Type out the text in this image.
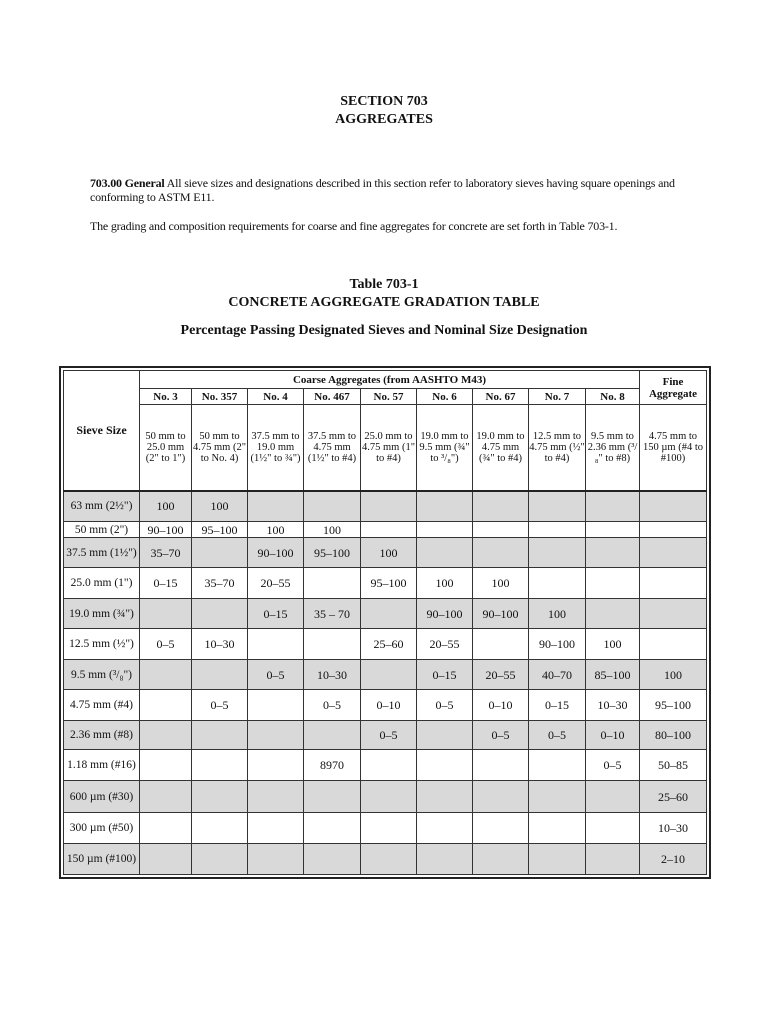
SECTION 703
AGGREGATES
703.00 General All sieve sizes and designations described in this section refer to laboratory sieves having square openings and conforming to ASTM E11.
The grading and composition requirements for coarse and fine aggregates for concrete are set forth in Table 703-1.
Table 703-1
CONCRETE AGGREGATE GRADATION TABLE
Percentage Passing Designated Sieves and Nominal Size Designation
Sieve Size	Coarse Aggregates (from AASHTO M43)									Fine Aggregate
	No. 3	No. 357	No. 4	No. 467	No. 57	No. 6	No. 67	No. 7	No. 8	
	50 mm to 25.0 mm (2" to 1")	50 mm to 4.75 mm (2" to No. 4)	37.5 mm to 19.0 mm (1½" to ¾")	37.5 mm to 4.75 mm (1½" to #4)	25.0 mm to 4.75 mm (1" to #4)	19.0 mm to 9.5 mm (¾" to ³/₈")	19.0 mm to 4.75 mm (¾" to #4)	12.5 mm to 4.75 mm (½" to #4)	9.5 mm to 2.36 mm (³/₈" to #8)	4.75 mm to 150 µm (#4 to #100)
63 mm (2½")	100	100								
50 mm (2")	90–100	95–100	100	100						
37.5 mm (1½")	35–70		90–100	95–100	100					
25.0 mm (1")	0–15	35–70	20–55		95–100	100	100			
19.0 mm (¾")			0–15	35 – 70		90–100	90–100	100		
12.5 mm (½")	0–5	10–30			25–60	20–55		90–100	100	
9.5 mm (³/₈")			0–5	10–30		0–15	20–55	40–70	85–100	100
4.75 mm (#4)		0–5		0–5	0–10	0–5	0–10	0–15	10–30	95–100
2.36 mm (#8)					0–5		0–5	0–5	0–10	80–100
1.18 mm (#16)				8970					0–5	50–85
600 µm (#30)										25–60
300 µm (#50)										10–30
150 µm (#100)										2–10
